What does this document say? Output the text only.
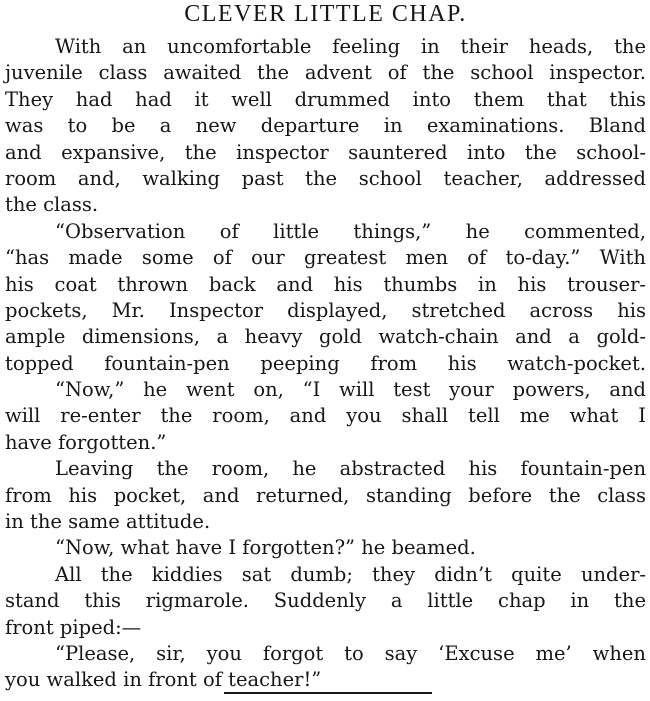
CLEVER LITTLE CHAP.
With an uncomfortable feeling in their heads, the
juvenile class awaited the advent of the school inspector.
They had had it well drummed into them that this
was to be a new departure in examinations. Bland
and expansive, the inspector sauntered into the school-
room and, walking past the school teacher, addressed
the class.
“Observation of little things,” he commented,
“has made some of our greatest men of to-day.” With
his coat thrown back and his thumbs in his trouser-
pockets, Mr. Inspector displayed, stretched across his
ample dimensions, a heavy gold watch-chain and a gold-
topped fountain-pen peeping from his watch-pocket.
“Now,” he went on, “I will test your powers, and
will re-enter the room, and you shall tell me what I
have forgotten.”
Leaving the room, he abstracted his fountain-pen
from his pocket, and returned, standing before the class
in the same attitude.
“Now, what have I forgotten?” he beamed.
All the kiddies sat dumb; they didn’t quite under-
stand this rigmarole. Suddenly a little chap in the
front piped:—
“Please, sir, you forgot to say ‘Excuse me’ when
you walked in front of teacher!”
